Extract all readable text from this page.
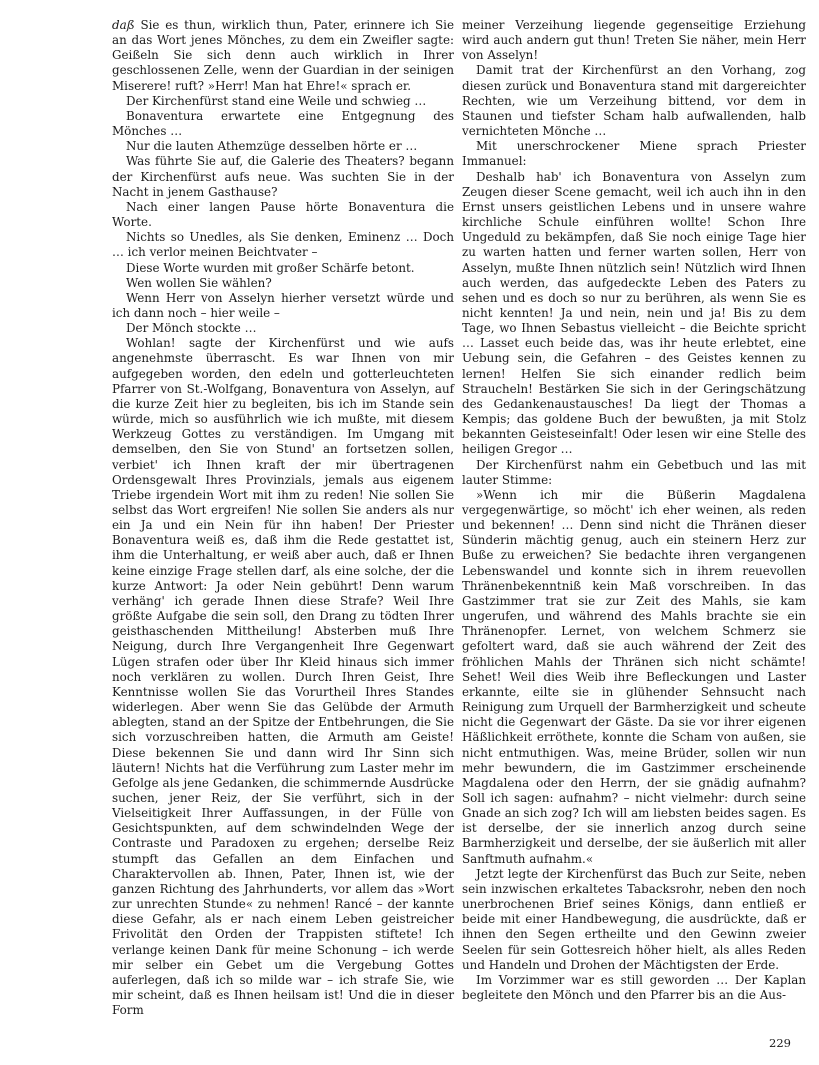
daß Sie es thun, wirklich thun, Pater, erinnere ich Sie an das Wort jenes Mönches, zu dem ein Zweifler sagte: Geißeln Sie sich denn auch wirklich in Ihrer geschlossenen Zelle, wenn der Guardian in der seinigen Miserere! ruft? »Herr! Man hat Ehre!« sprach er.

Der Kirchenfürst stand eine Weile und schwieg …

Bonaventura erwartete eine Entgegnung des Mönches …

Nur die lauten Athemzüge desselben hörte er …

Was führte Sie auf, die Galerie des Theaters? begann der Kirchenfürst aufs neue. Was suchten Sie in der Nacht in jenem Gasthause?

Nach einer langen Pause hörte Bonaventura die Worte.

Nichts so Unedles, als Sie denken, Eminenz … Doch … ich verlor meinen Beichtvater –

Diese Worte wurden mit großer Schärfe betont.

Wen wollen Sie wählen?

Wenn Herr von Asselyn hierher versetzt würde und ich dann noch – hier weile –

Der Mönch stockte …

Wohlan! sagte der Kirchenfürst und wie aufs angenehmste überrascht. Es war Ihnen von mir aufgegeben worden, den edeln und gotterleuchteten Pfarrer von St.-Wolfgang, Bonaventura von Asselyn, auf die kurze Zeit hier zu begleiten, bis ich im Stande sein würde, mich so ausführlich wie ich mußte, mit diesem Werkzeug Gottes zu verständigen. Im Umgang mit demselben, den Sie von Stund' an fortsetzen sollen, verbiet' ich Ihnen kraft der mir übertragenen Ordensgewalt Ihres Provinzials, jemals aus eigenem Triebe irgendein Wort mit ihm zu reden! Nie sollen Sie selbst das Wort ergreifen! Nie sollen Sie anders als nur ein Ja und ein Nein für ihn haben! Der Priester Bonaventura weiß es, daß ihm die Rede gestattet ist, ihm die Unterhaltung, er weiß aber auch, daß er Ihnen keine einzige Frage stellen darf, als eine solche, der die kurze Antwort: Ja oder Nein gebührt! Denn warum verhäng' ich gerade Ihnen diese Strafe? Weil Ihre größte Aufgabe die sein soll, den Drang zu tödten Ihrer geisthaschenden Mittheilung! Absterben muß Ihre Neigung, durch Ihre Vergangenheit Ihre Gegenwart Lügen strafen oder über Ihr Kleid hinaus sich immer noch verklären zu wollen. Durch Ihren Geist, Ihre Kenntnisse wollen Sie das Vorurtheil Ihres Standes widerlegen. Aber wenn Sie das Gelübde der Armuth ablegten, stand an der Spitze der Entbehrungen, die Sie sich vorzuschreiben hatten, die Armuth am Geiste! Diese bekennen Sie und dann wird Ihr Sinn sich läutern! Nichts hat die Verführung zum Laster mehr im Gefolge als jene Gedanken, die schimmernde Ausdrücke suchen, jener Reiz, der Sie verführt, sich in der Vielseitigkeit Ihrer Auffassungen, in der Fülle von Gesichtspunkten, auf dem schwindelnden Wege der Contraste und Paradoxen zu ergehen; derselbe Reiz stumpft das Gefallen an dem Einfachen und Charaktervollen ab. Ihnen, Pater, Ihnen ist, wie der ganzen Richtung des Jahrhunderts, vor allem das »Wort zur unrechten Stunde« zu nehmen! Rancé – der kannte diese Gefahr, als er nach einem Leben geistreicher Frivolität den Orden der Trappisten stiftete! Ich verlange keinen Dank für meine Schonung – ich werde mir selber ein Gebet um die Vergebung Gottes auferlegen, daß ich so milde war – ich strafe Sie, wie mir scheint, daß es Ihnen heilsam ist! Und die in dieser Form

meiner Verzeihung liegende gegenseitige Erziehung wird auch andern gut thun! Treten Sie näher, mein Herr von Asselyn!

Damit trat der Kirchenfürst an den Vorhang, zog diesen zurück und Bonaventura stand mit dargereichter Rechten, wie um Verzeihung bittend, vor dem in Staunen und tiefster Scham halb aufwallenden, halb vernichteten Mönche …

Mit unerschrockener Miene sprach Priester Immanuel:

Deshalb hab' ich Bonaventura von Asselyn zum Zeugen dieser Scene gemacht, weil ich auch ihn in den Ernst unsers geistlichen Lebens und in unsere wahre kirchliche Schule einführen wollte! Schon Ihre Ungeduld zu bekämpfen, daß Sie noch einige Tage hier zu warten hatten und ferner warten sollen, Herr von Asselyn, mußte Ihnen nützlich sein! Nützlich wird Ihnen auch werden, das aufgedeckte Leben des Paters zu sehen und es doch so nur zu berühren, als wenn Sie es nicht kennten! Ja und nein, nein und ja! Bis zu dem Tage, wo Ihnen Sebastus vielleicht – die Beichte spricht … Lasset euch beide das, was ihr heute erlebtet, eine Uebung sein, die Gefahren – des Geistes kennen zu lernen! Helfen Sie sich einander redlich beim Straucheln! Bestärken Sie sich in der Geringschätzung des Gedankenaustausches! Da liegt der Thomas a Kempis; das goldene Buch der bewußten, ja mit Stolz bekannten Geisteseinfalt! Oder lesen wir eine Stelle des heiligen Gregor …

Der Kirchenfürst nahm ein Gebetbuch und las mit lauter Stimme:

»Wenn ich mir die Büßerin Magdalena vergegenwärtige, so möcht' ich eher weinen, als reden und bekennen! … Denn sind nicht die Thränen dieser Sünderin mächtig genug, auch ein steinern Herz zur Buße zu erweichen? Sie bedachte ihren vergangenen Lebenswandel und konnte sich in ihrem reuevollen Thränenbekenntniß kein Maß vorschreiben. In das Gastzimmer trat sie zur Zeit des Mahls, sie kam ungerufen, und während des Mahls brachte sie ein Thränenopfer. Lernet, von welchem Schmerz sie gefoltert ward, daß sie auch während der Zeit des fröhlichen Mahls der Thränen sich nicht schämte! Sehet! Weil dies Weib ihre Befleckungen und Laster erkannte, eilte sie in glühender Sehnsucht nach Reinigung zum Urquell der Barmherzigkeit und scheute nicht die Gegenwart der Gäste. Da sie vor ihrer eigenen Häßlichkeit erröthete, konnte die Scham von außen, sie nicht entmuthigen. Was, meine Brüder, sollen wir nun mehr bewundern, die im Gastzimmer erscheinende Magdalena oder den Herrn, der sie gnädig aufnahm? Soll ich sagen: aufnahm? – nicht vielmehr: durch seine Gnade an sich zog? Ich will am liebsten beides sagen. Es ist derselbe, der sie innerlich anzog durch seine Barmherzigkeit und derselbe, der sie äußerlich mit aller Sanftmuth aufnahm.«

Jetzt legte der Kirchenfürst das Buch zur Seite, neben sein inzwischen erkaltetes Tabacksrohr, neben den noch unerbrochenen Brief seines Königs, dann entließ er beide mit einer Handbewegung, die ausdrückte, daß er ihnen den Segen ertheilte und den Gewinn zweier Seelen für sein Gottesreich höher hielt, als alles Reden und Handeln und Drohen der Mächtigsten der Erde.

Im Vorzimmer war es still geworden … Der Kaplan begleitete den Mönch und den Pfarrer bis an die Aus-

229
